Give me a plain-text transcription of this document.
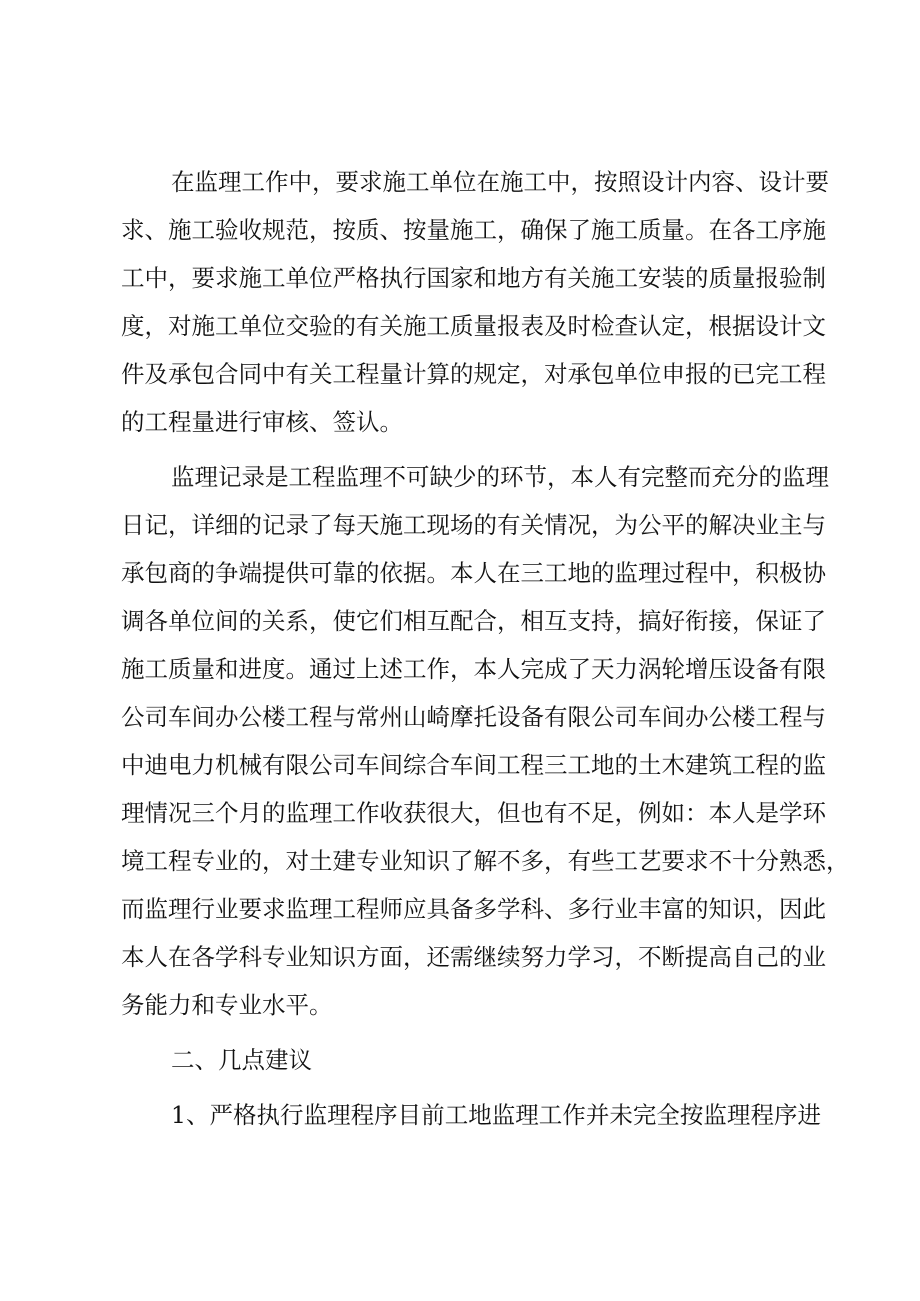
在监理工作中，要求施工单位在施工中，按照设计内容、设计要
求、施工验收规范，按质、按量施工，确保了施工质量。在各工序施
工中，要求施工单位严格执行国家和地方有关施工安装的质量报验制
度，对施工单位交验的有关施工质量报表及时检查认定，根据设计文
件及承包合同中有关工程量计算的规定，对承包单位申报的已完工程
的工程量进行审核、签认。
监理记录是工程监理不可缺少的环节，本人有完整而充分的监理
日记，详细的记录了每天施工现场的有关情况，为公平的解决业主与
承包商的争端提供可靠的依据。本人在三工地的监理过程中，积极协
调各单位间的关系，使它们相互配合，相互支持，搞好衔接，保证了
施工质量和进度。通过上述工作，本人完成了天力涡轮增压设备有限
公司车间办公楼工程与常州山崎摩托设备有限公司车间办公楼工程与
中迪电力机械有限公司车间综合车间工程三工地的土木建筑工程的监
理情况三个月的监理工作收获很大，但也有不足，例如：本人是学环
境工程专业的，对土建专业知识了解不多，有些工艺要求不十分熟悉，
而监理行业要求监理工程师应具备多学科、多行业丰富的知识，因此
本人在各学科专业知识方面，还需继续努力学习，不断提高自己的业
务能力和专业水平。
二、几点建议
1、严格执行监理程序目前工地监理工作并未完全按监理程序进
